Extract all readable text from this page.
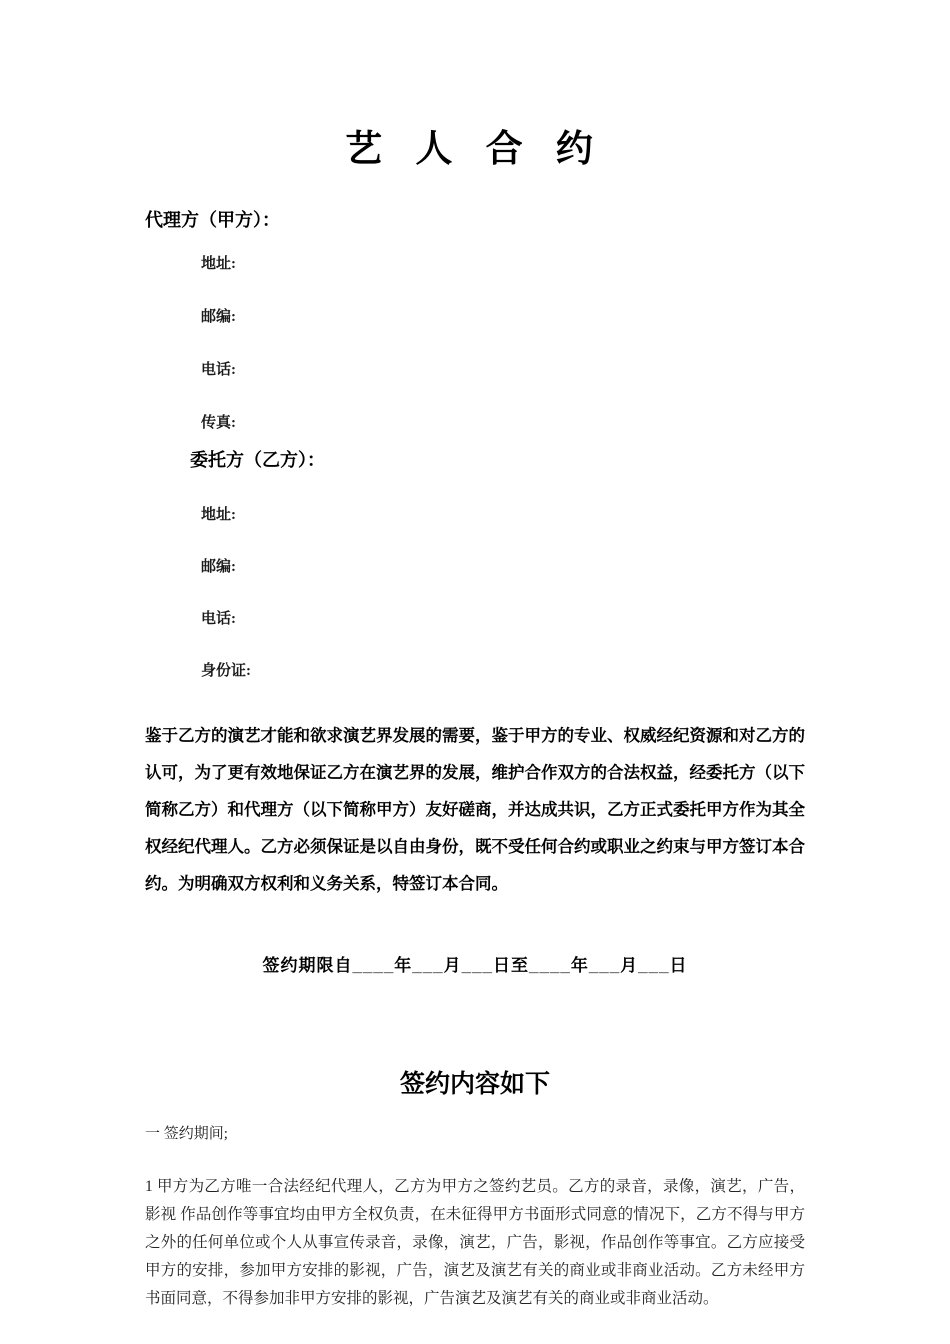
艺 人 合 约
代理方（甲方）：
地址:
邮编:
电话:
传真:
委托方（乙方）：
地址:
邮编:
电话:
身份证:

鉴于乙方的演艺才能和欲求演艺界发展的需要，鉴于甲方的专业、权威经纪资源和对乙方的认可，为了更有效地保证乙方在演艺界的发展，维护合作双方的合法权益，经委托方（以下简称乙方）和代理方（以下简称甲方）友好磋商，并达成共识，乙方正式委托甲方作为其全权经纪代理人。乙方必须保证是以自由身份，既不受任何合约或职业之约束与甲方签订本合约。为明确双方权利和义务关系，特签订本合同。

签约期限自____年___月___日至____年___月___日
签约内容如下
一 签约期间;

1 甲方为乙方唯一合法经纪代理人，乙方为甲方之签约艺员。乙方的录音，录像，演艺，广告，影视 作品创作等事宜均由甲方全权负责，在未征得甲方书面形式同意的情况下，乙方不得与甲方之外的任何单位或个人从事宣传录音，录像，演艺，广告，影视，作品创作等事宜。乙方应接受甲方的安排，参加甲方安排的影视，广告，演艺及演艺有关的商业或非商业活动。乙方未经甲方书面同意，不得参加非甲方安排的影视，广告演艺及演艺有关的商业或非商业活动。
